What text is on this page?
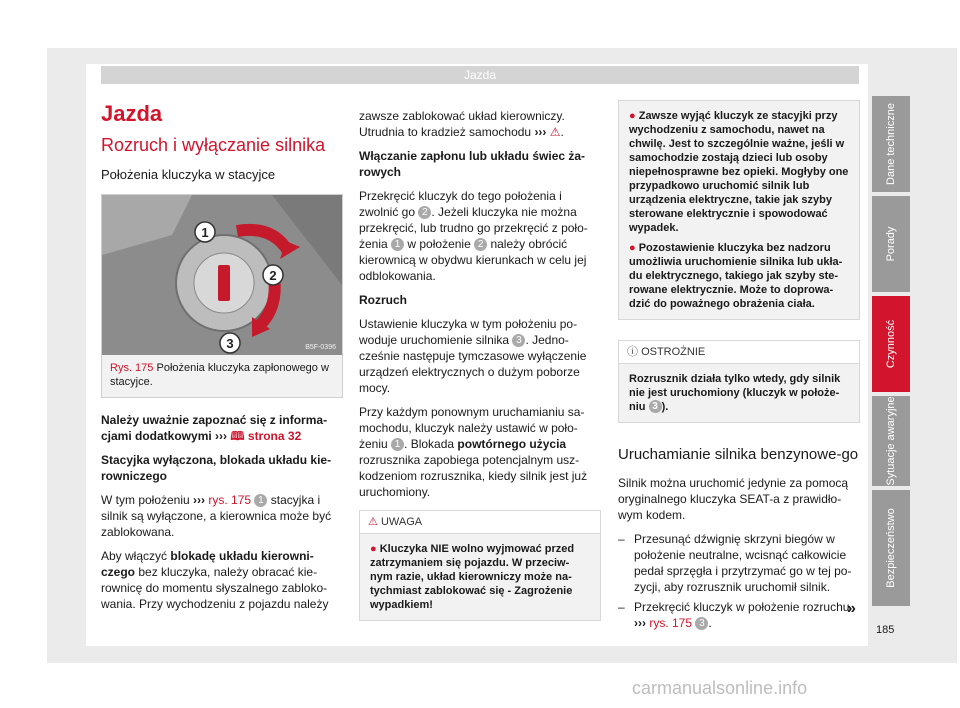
Jazda
Jazda
Rozruch i wyłączanie silnika
Położenia kluczyka w stacyjce
1
2
3	B5F-0396
Rys. 175 Położenia kluczyka zapłonowego w stacyjce.

Należy uważnie zapoznać się z informa-cjami dodatkowymi ››› 🕮 strona 32

Stacyjka wyłączona, blokada układu kie-rowniczego

W tym położeniu ››› rys. 175 1 stacyjka i silnik są wyłączone, a kierownica może być zablokowana.

Aby włączyć blokadę układu kierowni-czego bez kluczyka, należy obracać kie-rownicę do momentu słyszalnego zabloko-wania. Przy wychodzeniu z pojazdu należy

zawsze zablokować układ kierowniczy. Utrudnia to kradzież samochodu ››› ⚠.

Włączanie zapłonu lub układu świec ża-rowych

Przekręcić kluczyk do tego położenia i zwolnić go 2 . Jeżeli kluczyka nie można przekręcić, lub trudno go przekręcić z poło-żenia 1 w położenie 2 należy obrócić kierownicą w obydwu kierunkach w celu jej odblokowania.

Rozruch

Ustawienie kluczyka w tym położeniu po-woduje uruchomienie silnika 3 . Jedno-cześnie następuje tymczasowe wyłączenie urządzeń elektrycznych o dużym poborze mocy.

Przy każdym ponownym uruchamianiu sa-mochodu, kluczyk należy ustawić w poło-żeniu 1 . Blokada powtórnego użycia rozrusznika zapobiega potencjalnym usz-kodzeniom rozrusznika, kiedy silnik jest już uruchomiony.

⚠ UWAGA
● Kluczyka NIE wolno wyjmować przed zatrzymaniem się pojazdu. W przeciw-nym razie, układ kierowniczy może na-tychmiast zablokować się - Zagrożenie wypadkiem!

● Zawsze wyjąć kluczyk ze stacyjki przy wychodzeniu z samochodu, nawet na chwilę. Jest to szczególnie ważne, jeśli w samochodzie zostają dzieci lub osoby niepełnosprawne bez opieki. Mogłyby one przypadkowo uruchomić silnik lub urządzenia elektryczne, takie jak szyby sterowane elektrycznie i spowodować wypadek.

● Pozostawienie kluczyka bez nadzoru umożliwia uruchomienie silnika lub ukła-du elektrycznego, takiego jak szyby ste-rowane elektrycznie. Może to doprowa-dzić do poważnego obrażenia ciała.

ⓘ OSTROŻNIE
Rozrusznik działa tylko wtedy, gdy silnik nie jest uruchomiony (kluczyk w położe-niu 3 ).
Uruchamianie silnika benzynowe-go

Silnik można uruchomić jedynie za pomocą oryginalnego kluczyka SEAT-a z prawidło-wym kodem.

– Przesunąć dźwignię skrzyni biegów w położenie neutralne, wcisnąć całkowicie pedał sprzęgła i przytrzymać go w tej po-zycji, aby rozrusznik uruchomił silnik.
– Przekręcić kluczyk w położenie rozruchu
››› rys. 175 3 .
»
Dane techniczne
Porady
Czynność
Sytuacje awaryjne
Bezpieczeństwo
185
carmanualsonline.info
